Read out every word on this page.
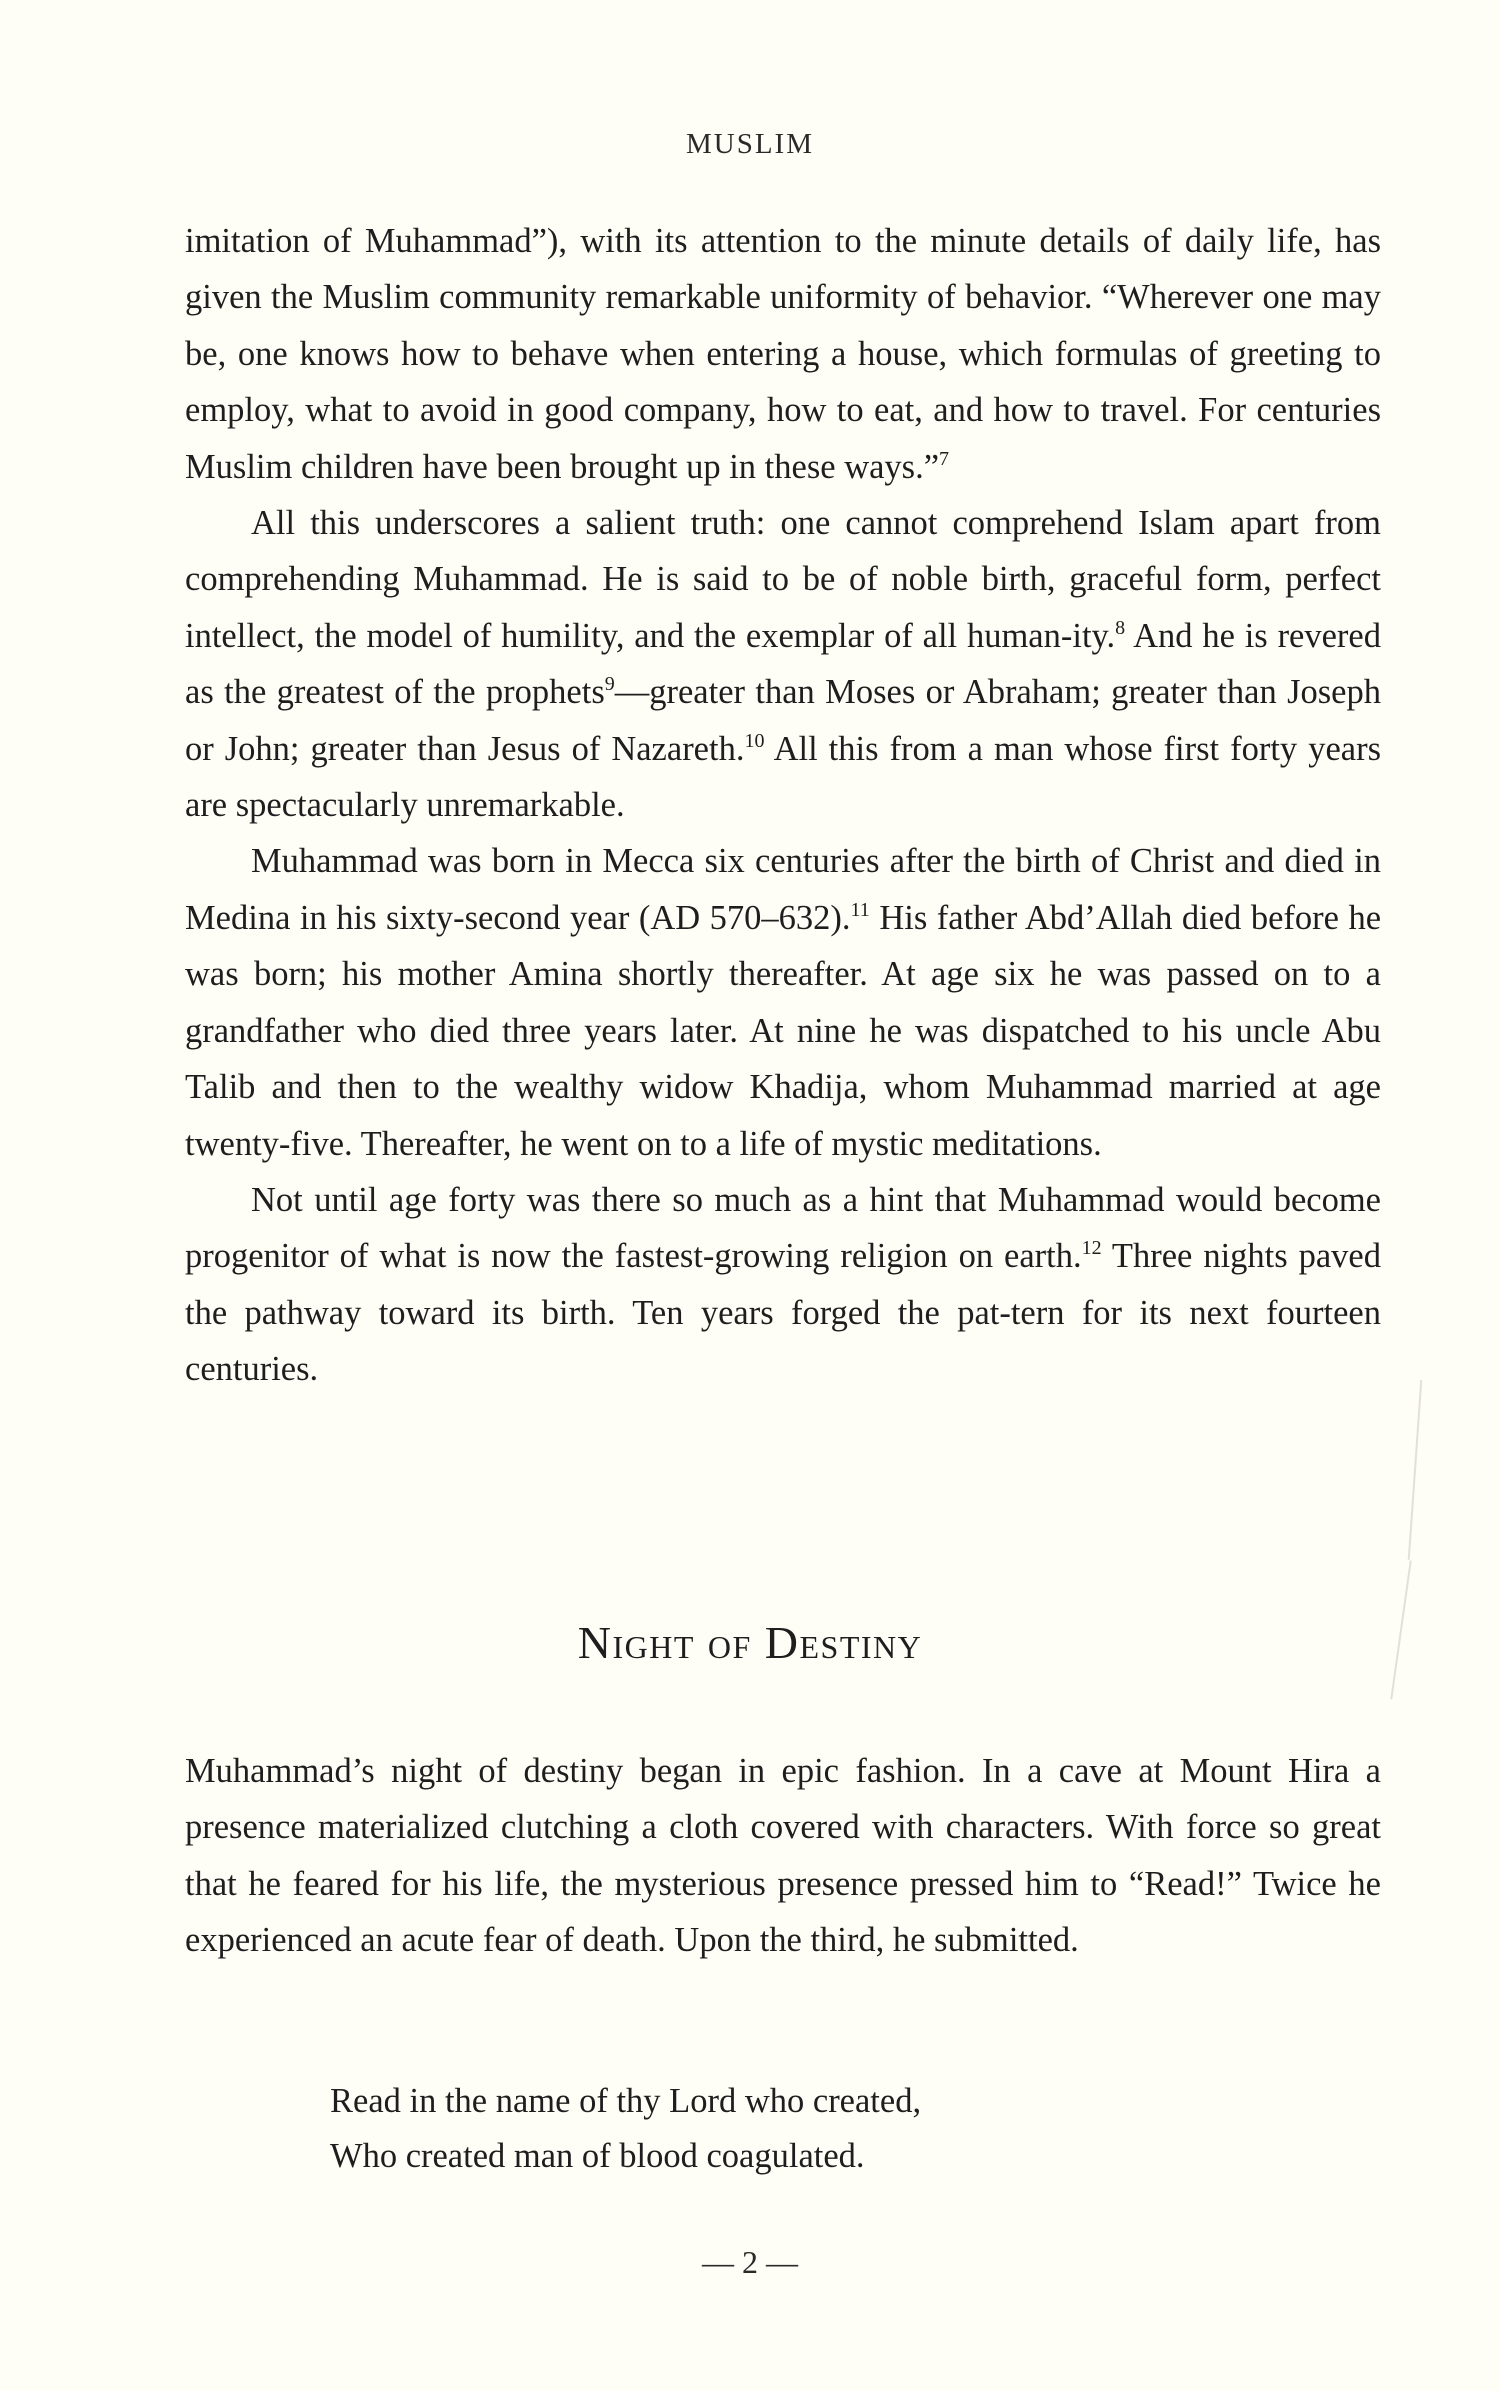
MUSLIM

imitation of Muhammad”), with its attention to the minute details of daily life, has given the Muslim community remarkable uniformity of behavior. “Wherever one may be, one knows how to behave when entering a house, which formulas of greeting to employ, what to avoid in good company, how to eat, and how to travel. For centuries Muslim children have been brought up in these ways.”$^7$

All this underscores a salient truth: one cannot comprehend Islam apart from comprehending Muhammad. He is said to be of noble birth, graceful form, perfect intellect, the model of humility, and the exemplar of all human-ity.$^8$ And he is revered as the greatest of the prophets$^9$—greater than Moses or Abraham; greater than Joseph or John; greater than Jesus of Nazareth.$^{10}$ All this from a man whose first forty years are spectacularly unremarkable.

Muhammad was born in Mecca six centuries after the birth of Christ and died in Medina in his sixty-second year (AD 570–632).$^{11}$ His father Abd’Allah died before he was born; his mother Amina shortly thereafter. At age six he was passed on to a grandfather who died three years later. At nine he was dispatched to his uncle Abu Talib and then to the wealthy widow Khadija, whom Muhammad married at age twenty-five. Thereafter, he went on to a life of mystic meditations.

Not until age forty was there so much as a hint that Muhammad would become progenitor of what is now the fastest-growing religion on earth.$^{12}$ Three nights paved the pathway toward its birth. Ten years forged the pat-tern for its next fourteen centuries.

Night of Destiny

Muhammad’s night of destiny began in epic fashion. In a cave at Mount Hira a presence materialized clutching a cloth covered with characters. With force so great that he feared for his life, the mysterious presence pressed him to “Read!” Twice he experienced an acute fear of death. Upon the third, he submitted.

Read in the name of thy Lord who created,
Who created man of blood coagulated.
— 2 —
